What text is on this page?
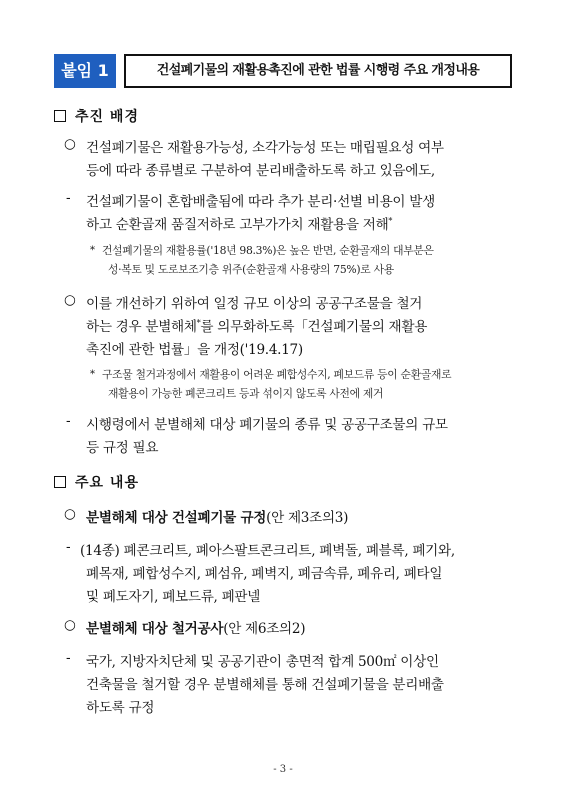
붙임 1	건설폐기물의 재활용촉진에 관한 법률 시행령 주요 개정내용
추진 배경
○ 건설폐기물은 재활용가능성, 소각가능성 또는 매립필요성 여부
등에 따라 종류별로 구분하여 분리배출하도록 하고 있음에도,
- 건설폐기물이 혼합배출됨에 따라 추가 분리·선별 비용이 발생
하고 순환골재 품질저하로 고부가가치 재활용을 저해*
* 건설폐기물의 재활용률('18년 98.3%)은 높은 반면, 순환골재의 대부분은
성·복토 및 도로보조기층 위주(순환골재 사용량의 75%)로 사용
○ 이를 개선하기 위하여 일정 규모 이상의 공공구조물을 철거
하는 경우 분별해체*를 의무화하도록「건설폐기물의 재활용
촉진에 관한 법률」을 개정('19.4.17)
* 구조물 철거과정에서 재활용이 어려운 폐합성수지, 폐보드류 등이 순환골재로
재활용이 가능한 폐콘크리트 등과 섞이지 않도록 사전에 제거
- 시행령에서 분별해체 대상 폐기물의 종류 및 공공구조물의 규모
등 규정 필요
주요 내용
○ 분별해체 대상 건설폐기물 규정(안 제3조의3)
- (14종) 폐콘크리트, 폐아스팔트콘크리트, 폐벽돌, 폐블록, 폐기와,
폐목재, 폐합성수지, 폐섬유, 폐벽지, 폐금속류, 폐유리, 폐타일
및 폐도자기, 폐보드류, 폐판넬
○ 분별해체 대상 철거공사(안 제6조의2)
- 국가, 지방자치단체 및 공공기관이 총면적 합계 500㎡ 이상인
건축물을 철거할 경우 분별해체를 통해 건설폐기물을 분리배출
하도록 규정
- 3 -
